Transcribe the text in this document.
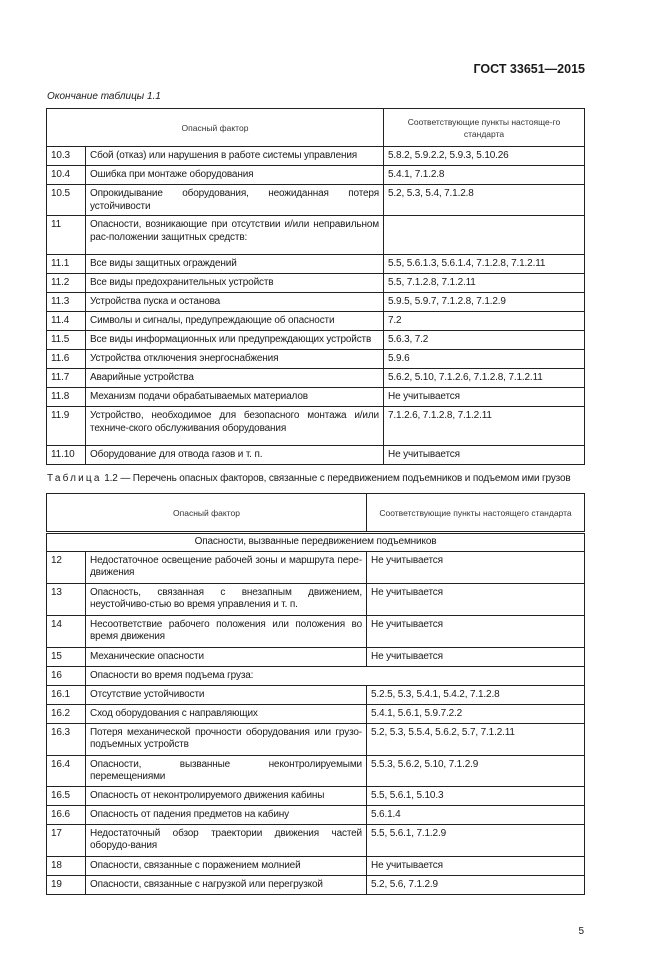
ГОСТ 33651—2015
Окончание таблицы 1.1
Опасный фактор		Соответствующие пункты настояще-го стандарта
10.3	Сбой (отказ) или нарушения в работе системы управления	5.8.2, 5.9.2.2, 5.9.3, 5.10.26
10.4	Ошибка при монтаже оборудования	5.4.1, 7.1.2.8
10.5	Опрокидывание оборудования, неожиданная потеря устойчивости	5.2, 5.3, 5.4, 7.1.2.8
11	Опасности, возникающие при отсутствии и/или неправильном рас-положении защитных средств:	
11.1	Все виды защитных ограждений	5.5, 5.6.1.3, 5.6.1.4, 7.1.2.8, 7.1.2.11
11.2	Все виды предохранительных устройств	5.5, 7.1.2.8, 7.1.2.11
11.3	Устройства пуска и останова	5.9.5, 5.9.7, 7.1.2.8, 7.1.2.9
11.4	Символы и сигналы, предупреждающие об опасности	7.2
11.5	Все виды информационных или предупреждающих устройств	5.6.3, 7.2
11.6	Устройства отключения энергоснабжения	5.9.6
11.7	Аварийные устройства	5.6.2, 5.10, 7.1.2.6, 7.1.2.8, 7.1.2.11
11.8	Механизм подачи обрабатываемых материалов	Не учитывается
11.9	Устройство, необходимое для безопасного монтажа и/или техниче-ского обслуживания оборудования	7.1.2.6, 7.1.2.8, 7.1.2.11
11.10	Оборудование для отвода газов и т. п.	Не учитывается
Таблица 1.2 — Перечень опасных факторов, связанные с передвижением подъемников и подъемом ими грузов
Опасный фактор		Соответствующие пункты настоящего стандарта
Опасности, вызванные передвижением подъемников		
12	Недостаточное освещение рабочей зоны и маршрута пере-движения	Не учитывается
13	Опасность, связанная с внезапным движением, неустойчиво-стью во время управления и т. п.	Не учитывается
14	Несоответствие рабочего положения или положения во время движения	Не учитывается
15	Механические опасности	Не учитывается
16	Опасности во время подъема груза:	
16.1	Отсутствие устойчивости	5.2.5, 5.3, 5.4.1, 5.4.2, 7.1.2.8
16.2	Сход оборудования с направляющих	5.4.1, 5.6.1, 5.9.7.2.2
16.3	Потеря механической прочности оборудования или грузо-подъемных устройств	5.2, 5.3, 5.5.4, 5.6.2, 5.7, 7.1.2.11
16.4	Опасности, вызванные неконтролируемыми перемещениями	5.5.3, 5.6.2, 5.10, 7.1.2.9
16.5	Опасность от неконтролируемого движения кабины	5.5, 5.6.1, 5.10.3
16.6	Опасность от падения предметов на кабину	5.6.1.4
17	Недостаточный обзор траектории движения частей оборудо-вания	5.5, 5.6.1, 7.1.2.9
18	Опасности, связанные с поражением молнией	Не учитывается
19	Опасности, связанные с нагрузкой или перегрузкой	5.2, 5.6, 7.1.2.9
5
